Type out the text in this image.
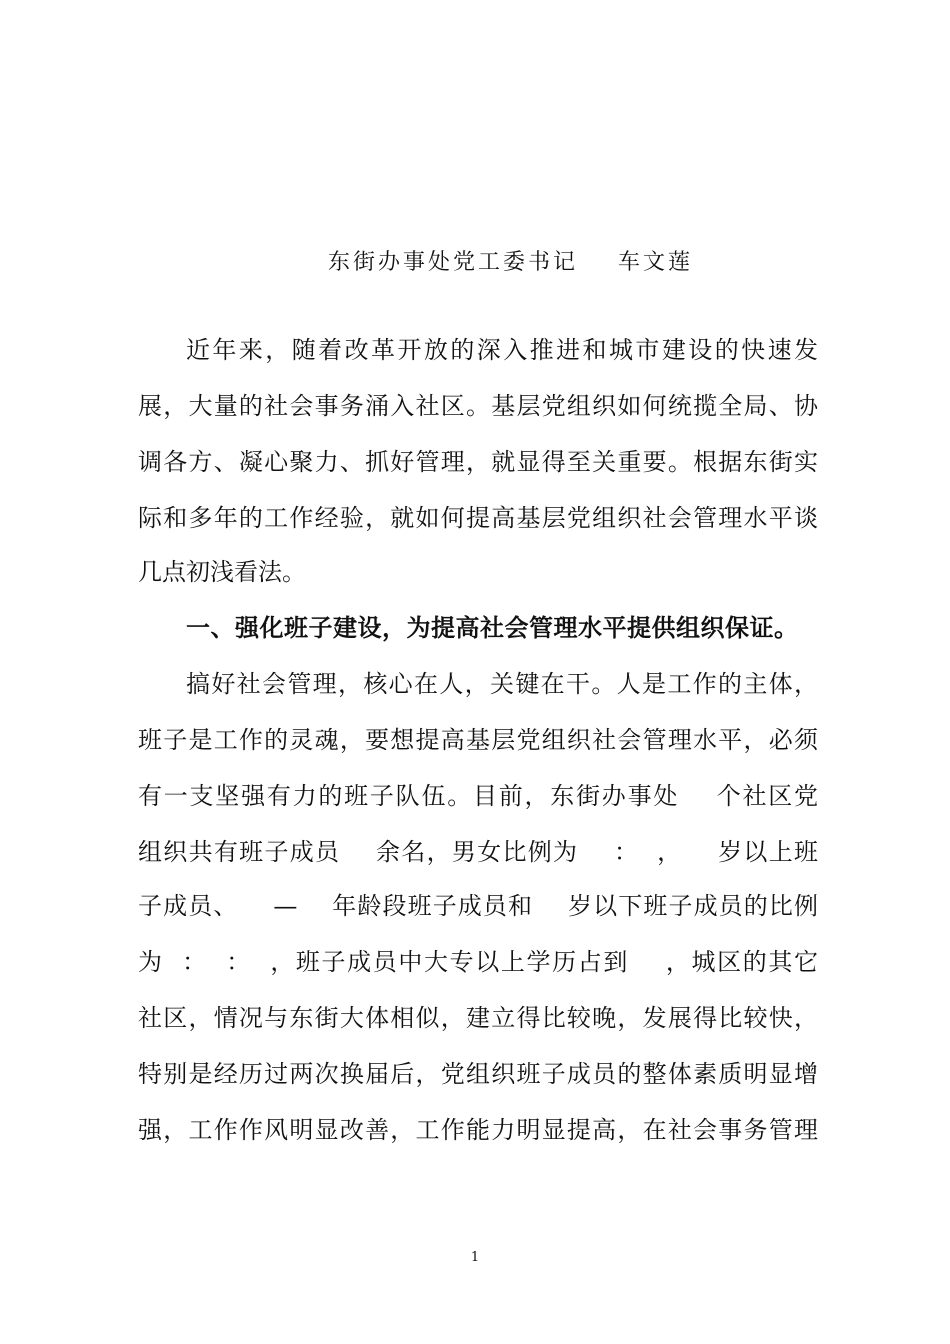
东街办事处党工委书记    车文莲
近年来，随着改革开放的深入推进和城市建设的快速发
展，大量的社会事务涌入社区。基层党组织如何统揽全局、协
调各方、凝心聚力、抓好管理，就显得至关重要。根据东街实
际和多年的工作经验，就如何提高基层党组织社会管理水平谈
几点初浅看法。
一、强化班子建设，为提高社会管理水平提供组织保证。
搞好社会管理，核心在人，关键在干。人是工作的主体，
班子是工作的灵魂，要想提高基层党组织社会管理水平，必须
有一支坚强有力的班子队伍。目前，东街办事处    个社区党
组织共有班子成员    余名，男女比例为    ：  ，    岁以上班
子成员、    —    年龄段班子成员和    岁以下班子成员的比例
为  ：  ：  ，班子成员中大专以上学历占到    ，城区的其它
社区，情况与东街大体相似，建立得比较晚，发展得比较快，
特别是经历过两次换届后，党组织班子成员的整体素质明显增
强，工作作风明显改善，工作能力明显提高，在社会事务管理
1
